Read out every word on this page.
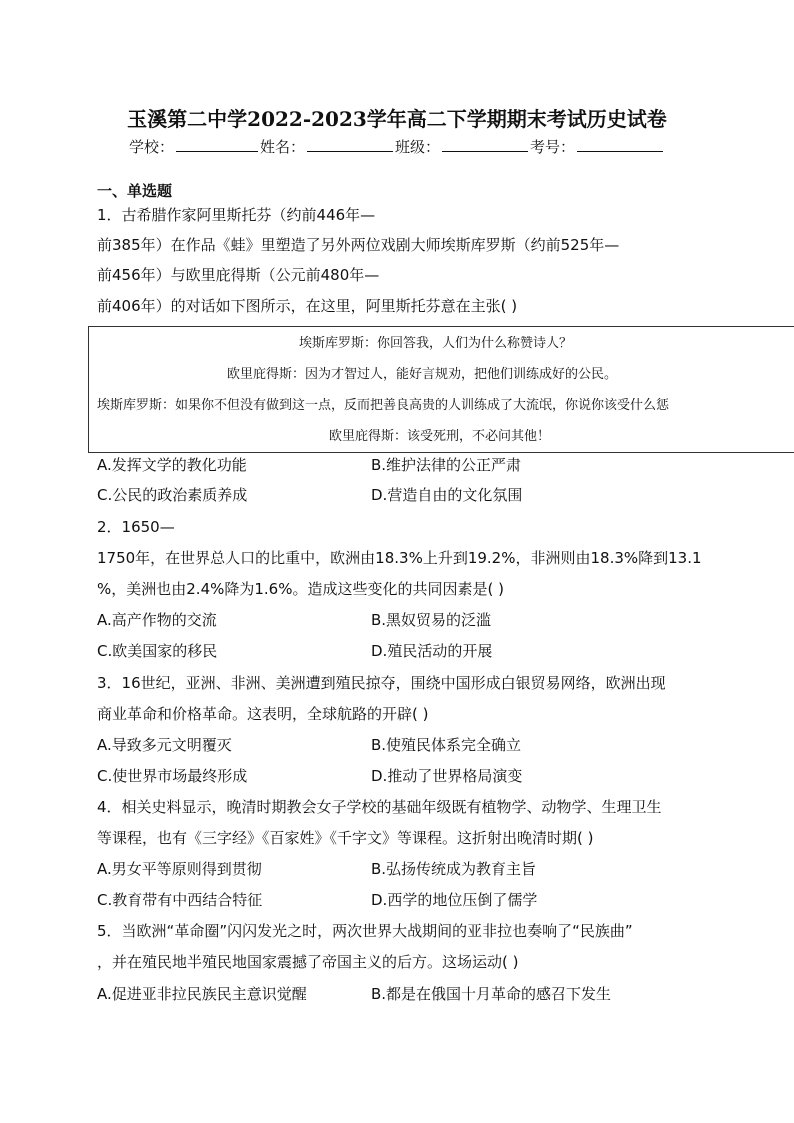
玉溪第二中学2022-2023学年高二下学期期末考试历史试卷
学校：	姓名：	班级：	考号：
一、单选题
1．古希腊作家阿里斯托芬（约前446年—
前385年）在作品《蛙》里塑造了另外两位戏剧大师埃斯库罗斯（约前525年—
前456年）与欧里庇得斯（公元前480年—
前406年）的对话如下图所示，在这里，阿里斯托芬意在主张( )
埃斯库罗斯：你回答我，人们为什么称赞诗人？
欧里庇得斯：因为才智过人，能好言规劝，把他们训练成好的公民。
埃斯库罗斯：如果你不但没有做到这一点，反而把善良高贵的人训练成了大流氓，你说你该受什么惩
欧里庇得斯：该受死刑，不必问其他！
A.发挥文学的教化功能	B.维护法律的公正严肃
C.公民的政治素质养成	D.营造自由的文化氛围
2．1650—
1750年，在世界总人口的比重中，欧洲由18.3%上升到19.2%，非洲则由18.3%降到13.1
%，美洲也由2.4%降为1.6%。造成这些变化的共同因素是( )
A.高产作物的交流	B.黑奴贸易的泛滥
C.欧美国家的移民	D.殖民活动的开展
3．16世纪，亚洲、非洲、美洲遭到殖民掠夺，围绕中国形成白银贸易网络，欧洲出现
商业革命和价格革命。这表明，全球航路的开辟( )
A.导致多元文明覆灭	B.使殖民体系完全确立
C.使世界市场最终形成	D.推动了世界格局演变
4．相关史料显示，晚清时期教会女子学校的基础年级既有植物学、动物学、生理卫生
等课程，也有《三字经》《百家姓》《千字文》等课程。这折射出晚清时期( )
A.男女平等原则得到贯彻	B.弘扬传统成为教育主旨
C.教育带有中西结合特征	D.西学的地位压倒了儒学
5．当欧洲“革命圈”闪闪发光之时，两次世界大战期间的亚非拉也奏响了“民族曲”
，并在殖民地半殖民地国家震撼了帝国主义的后方。这场运动( )
A.促进亚非拉民族民主意识觉醒	B.都是在俄国十月革命的感召下发生
